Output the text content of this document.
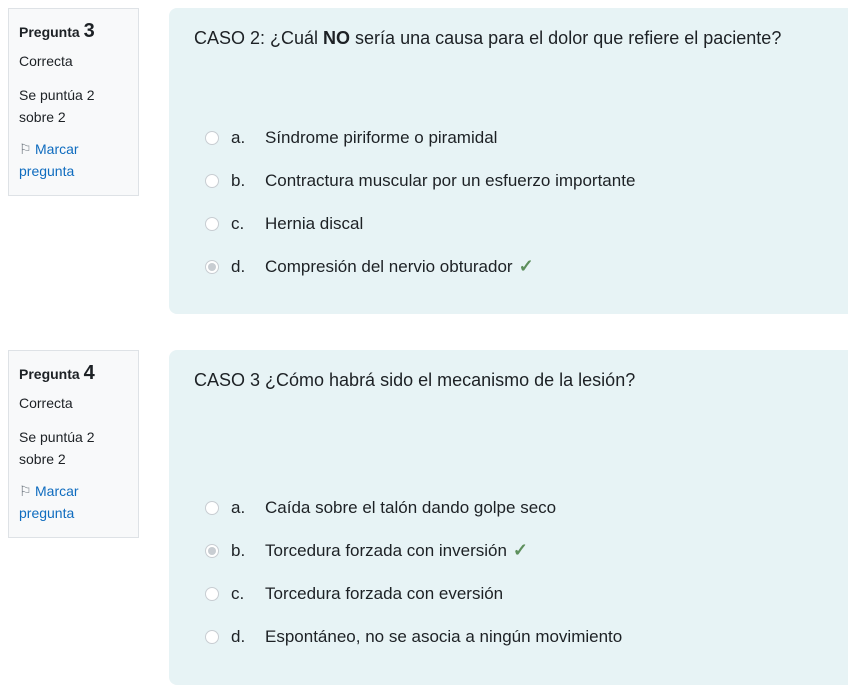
Pregunta 3
Correcta
Se puntúa 2
sobre 2
⚐ Marcar
pregunta
CASO 2: ¿Cuál NO sería una causa para el dolor que refiere el paciente?
a.	Síndrome piriforme o piramidal
b.	Contractura muscular por un esfuerzo importante
c.	Hernia discal
d.	Compresión del nervio obturador ✓
Pregunta 4
Correcta
Se puntúa 2
sobre 2
⚐ Marcar
pregunta
CASO 3 ¿Cómo habrá sido el mecanismo de la lesión?
a.	Caída sobre el talón dando golpe seco
b.	Torcedura forzada con inversión ✓
c.	Torcedura forzada con eversión
d.	Espontáneo, no se asocia a ningún movimiento
